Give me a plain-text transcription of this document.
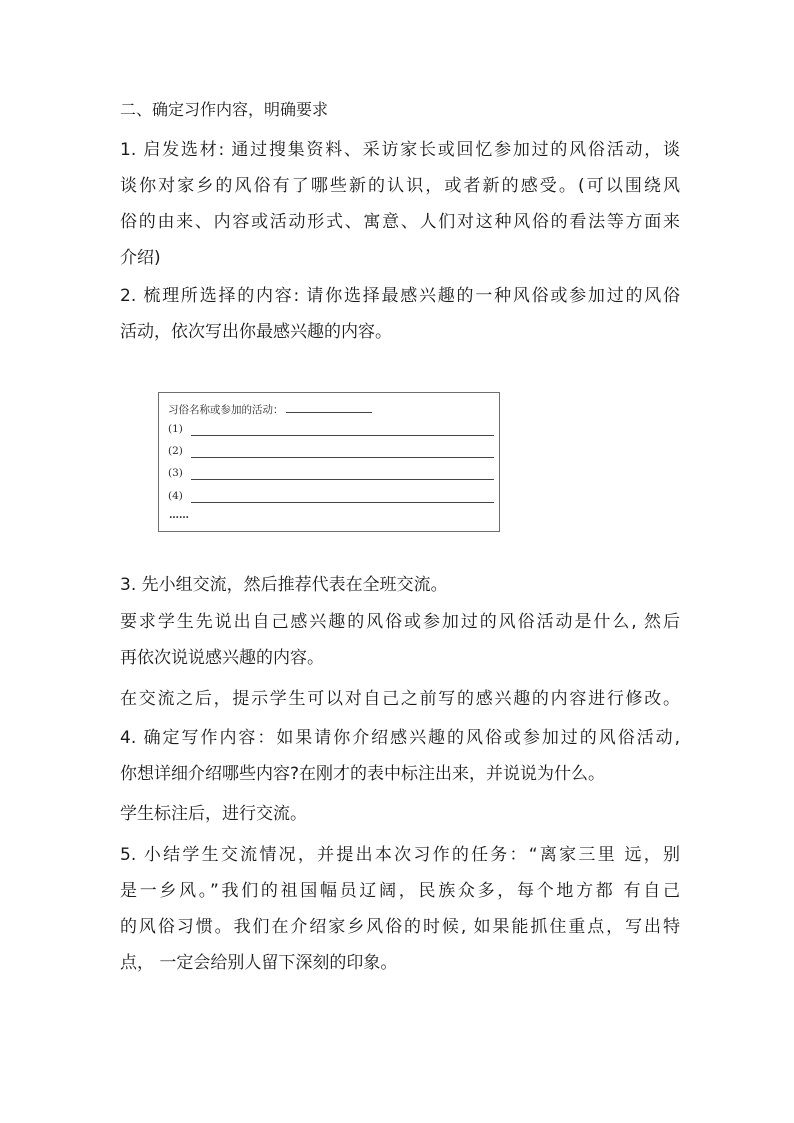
二、确定习作内容，明确要求
1. 启发选材: 通过搜集资料、采访家长或回忆参加过的风俗活动，谈
谈你对家乡的风俗有了哪些新的认识，或者新的感受。(可以围绕风
俗的由来、内容或活动形式、寓意、人们对这种风俗的看法等方面来
介绍)
2. 梳理所选择的内容: 请你选择最感兴趣的一种风俗或参加过的风俗
活动，依次写出你最感兴趣的内容。
习俗名称或参加的活动：
(1)
(2)
(3)
(4)
……
3. 先小组交流，然后推荐代表在全班交流。
要求学生先说出自己感兴趣的风俗或参加过的风俗活动是什么, 然后
再依次说说感兴趣的内容。
在交流之后，提示学生可以对自己之前写的感兴趣的内容进行修改。
4. 确定写作内容：如果请你介绍感兴趣的风俗或参加过的风俗活动,
你想详细介绍哪些内容?在刚才的表中标注出来，并说说为什么。
学生标注后，进行交流。
5. 小结学生交流情况，并提出本次习作的任务：“离家三里 远，别
是一乡风。”我们的祖国幅员辽阔，民族众多，每个地方都 有自己
的风俗习惯。我们在介绍家乡风俗的时候, 如果能抓住重点，写出特
点， 一定会给别人留下深刻的印象。
